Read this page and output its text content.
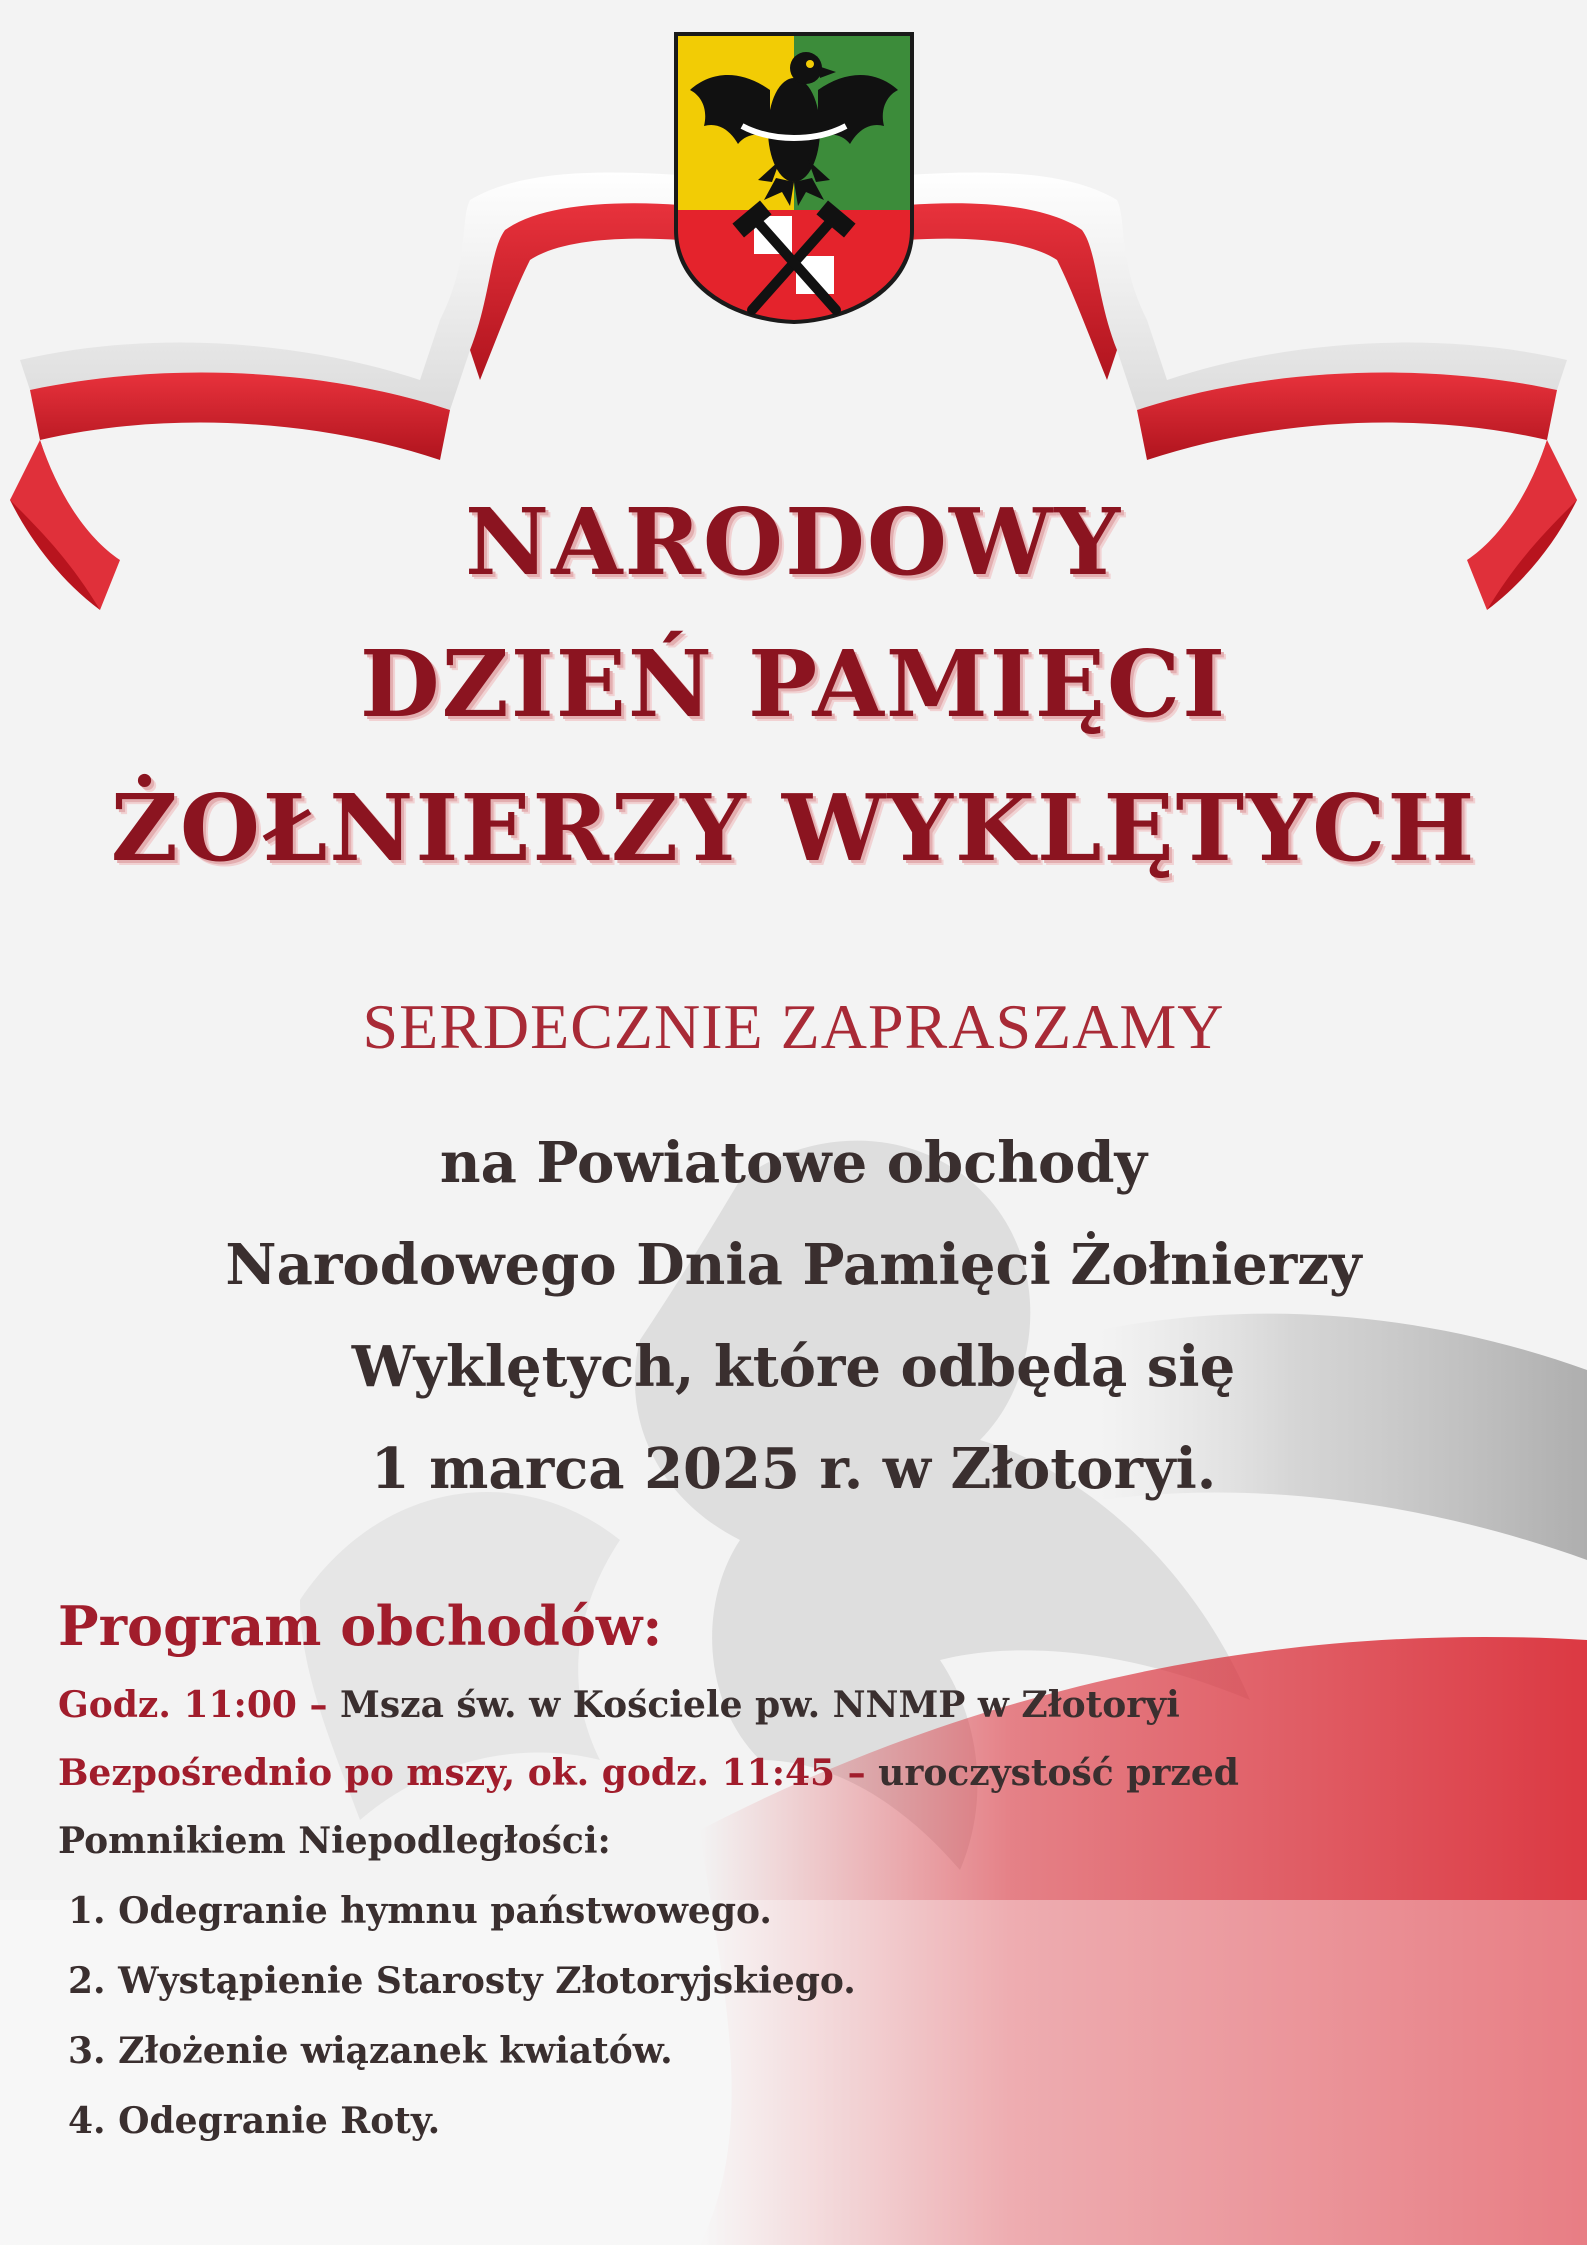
NARODOWY
DZIEŃ PAMIĘCI
ŻOŁNIERZY WYKLĘTYCH
SERDECZNIE ZAPRASZAMY
na Powiatowe obchody
Narodowego Dnia Pamięci Żołnierzy
Wyklętych, które odbędą się
1 marca 2025 r. w Złotoryi.
Program obchodów:
Godz. 11:00 – Msza św. w Kościele pw. NNMP w Złotoryi
Bezpośrednio po mszy, ok. godz. 11:45 – uroczystość przed
Pomnikiem Niepodległości:
1. Odegranie hymnu państwowego.
2. Wystąpienie Starosty Złotoryjskiego.
3. Złożenie wiązanek kwiatów.
4. Odegranie Roty.
